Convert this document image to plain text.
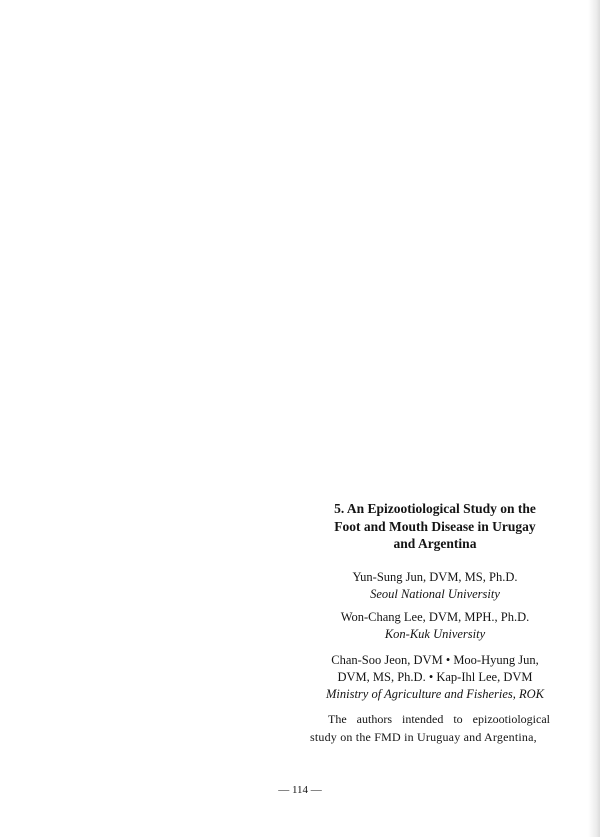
5. An Epizootiological Study on the
Foot and Mouth Disease in Urugay
and Argentina
Yun-Sung Jun, DVM, MS, Ph.D.
Seoul National University
Won-Chang Lee, DVM, MPH., Ph.D.
Kon-Kuk University
Chan-Soo Jeon, DVM • Moo-Hyung Jun,
DVM, MS, Ph.D. • Kap-Ihl Lee, DVM
Ministry of Agriculture and Fisheries, ROK

The authors intended to epizootiological
study on the FMD in Uruguay and Argentina,

— 114 —
